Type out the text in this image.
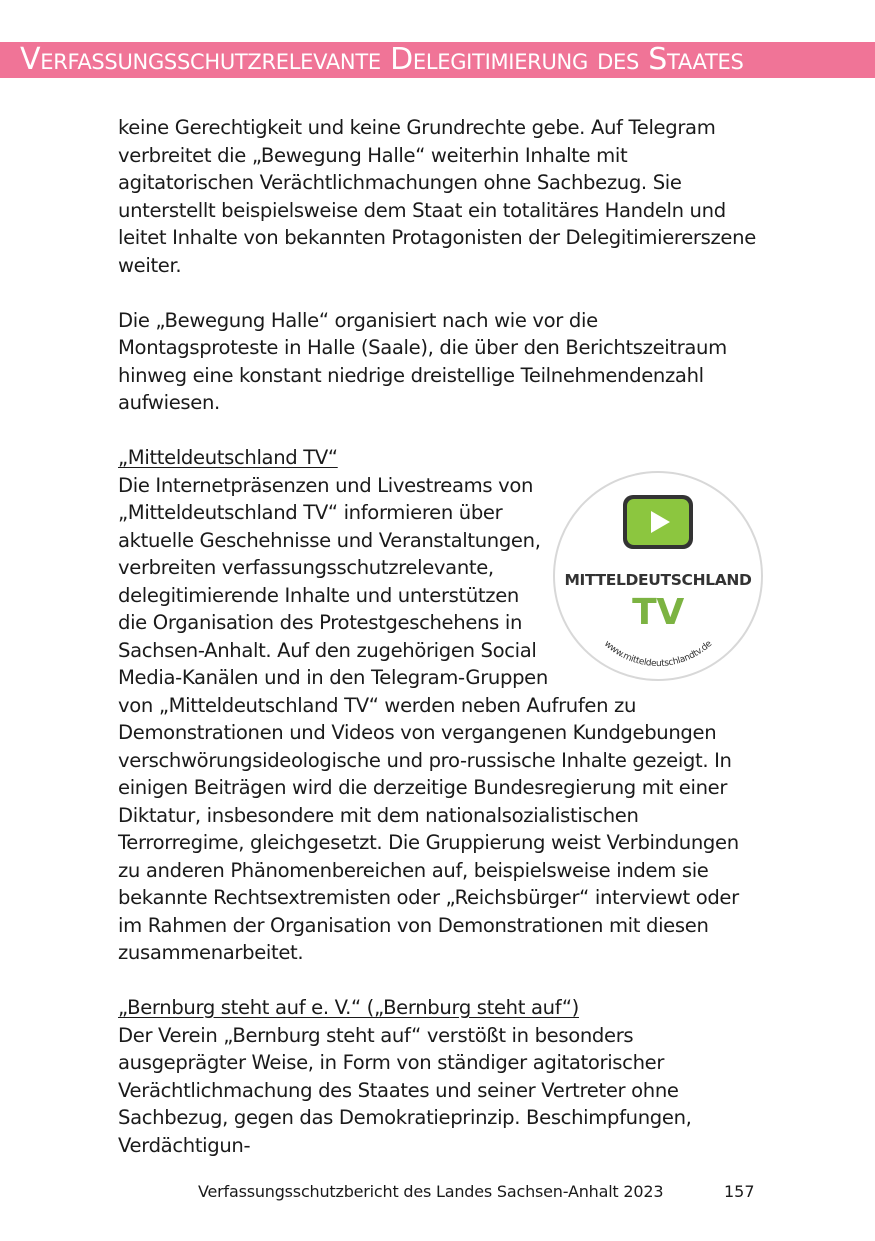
Verfassungsschutzrelevante Delegitimierung des Staates

keine Gerechtigkeit und keine Grundrechte gebe. Auf Telegram verbreitet die „Bewegung Halle“ weiterhin Inhalte mit agitatorischen Verächtlichmachungen ohne Sachbezug. Sie unterstellt beispielsweise dem Staat ein totalitäres Handeln und leitet Inhalte von bekannten Protagonisten der Delegitimiererszene weiter.

Die „Bewegung Halle“ organisiert nach wie vor die Montagsproteste in Halle (Saale), die über den Berichtszeitraum hinweg eine konstant niedrige dreistellige Teilnehmendenzahl aufwiesen.

„Mitteldeutschland TV“

MITTELDEUTSCHLAND
TV
www.mitteldeutschlandtv.de

Die Internetpräsenzen und Livestreams von „Mitteldeutschland TV“ informieren über aktuelle Geschehnisse und Veranstaltungen, verbreiten verfassungsschutzrelevante, delegitimierende Inhalte und unterstützen die Organisation des Protestgeschehens in Sachsen-Anhalt. Auf den zugehörigen Social Media-Kanälen und in den Telegram-Gruppen von „Mitteldeutschland TV“ werden neben Aufrufen zu Demonstrationen und Videos von vergangenen Kundgebungen verschwörungsideologische und pro-russische Inhalte gezeigt. In einigen Beiträgen wird die derzeitige Bundesregierung mit einer Diktatur, insbesondere mit dem nationalsozialistischen Terrorregime, gleichgesetzt. Die Gruppierung weist Verbindungen zu anderen Phänomenbereichen auf, beispielsweise indem sie bekannte Rechtsextremisten oder „Reichsbürger“ interviewt oder im Rahmen der Organisation von Demonstrationen mit diesen zusammenarbeitet.

„Bernburg steht auf e. V.“ („Bernburg steht auf“)

Der Verein „Bernburg steht auf“ verstößt in besonders ausgeprägter Weise, in Form von ständiger agitatorischer Verächtlichmachung des Staates und seiner Vertreter ohne Sachbezug, gegen das Demokratieprinzip. Beschimpfungen, Verdächtigun-

Verfassungsschutzbericht des Landes Sachsen-Anhalt 2023	157
